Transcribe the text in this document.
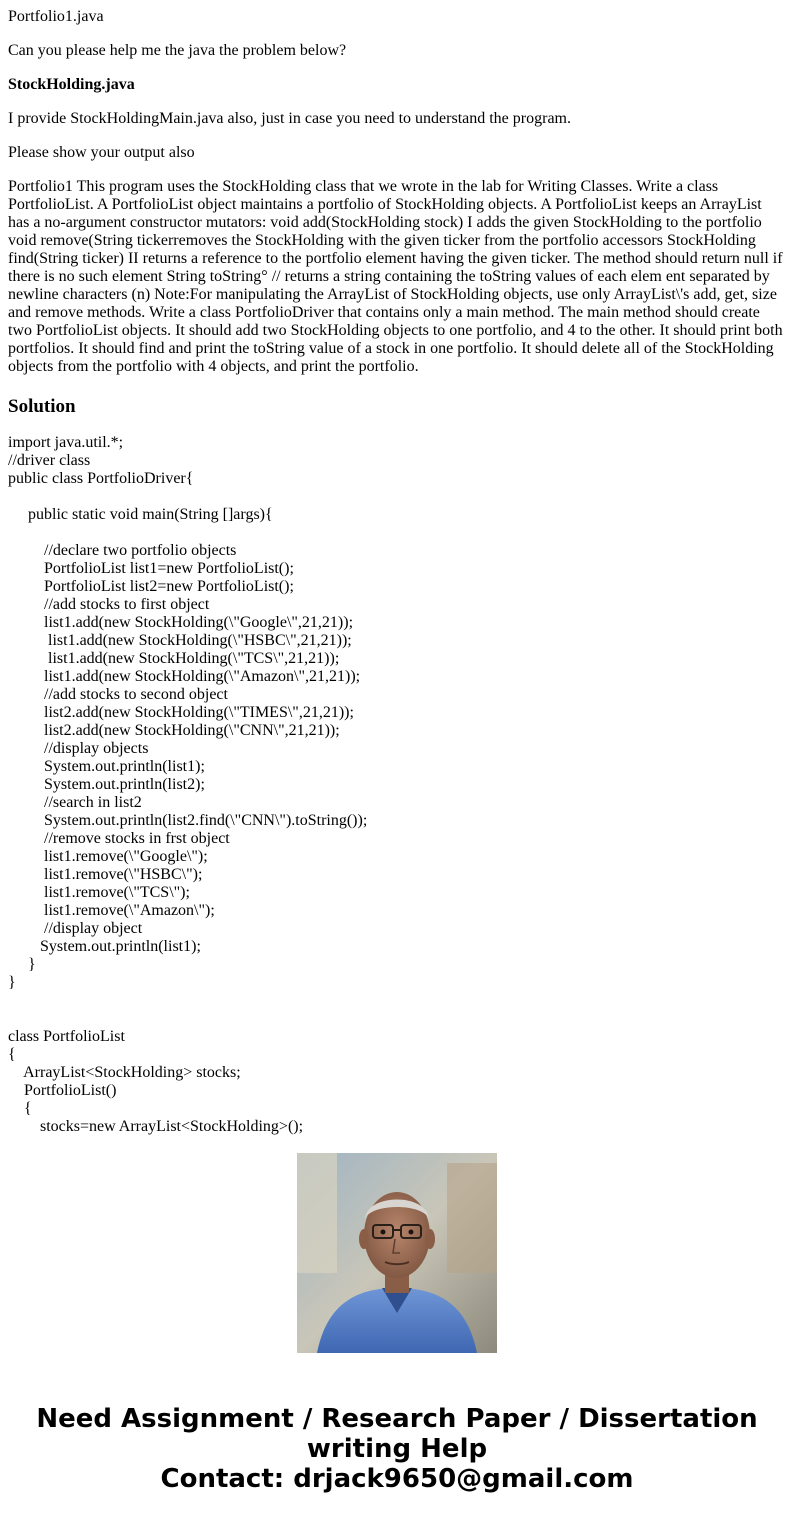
Portfolio1.java

Can you please help me the java the problem below?

StockHolding.java

I provide StockHoldingMain.java also, just in case you need to understand the program.

Please show your output also

Portfolio1 This program uses the StockHolding class that we wrote in the lab for Writing Classes. Write a class PortfolioList. A PortfolioList object maintains a portfolio of StockHolding objects. A PortfolioList keeps an ArrayList has a no-argument constructor mutators: void add(StockHolding stock) I adds the given StockHolding to the portfolio void remove(String tickerremoves the StockHolding with the given ticker from the portfolio accessors StockHolding find(String ticker) II returns a reference to the portfolio element having the given ticker. The method should return null if there is no such element String toString° // returns a string containing the toString values of each elem ent separated by newline characters (n) Note:For manipulating the ArrayList of StockHolding objects, use only ArrayList\'s add, get, size and remove methods. Write a class PortfolioDriver that contains only a main method. The main method should create two PortfolioList objects. It should add two StockHolding objects to one portfolio, and 4 to the other. It should print both portfolios. It should find and print the toString value of a stock in one portfolio. It should delete all of the StockHolding objects from the portfolio with 4 objects, and print the portfolio.

Solution
import java.util.*;
//driver class
public class PortfolioDriver{
public static void main(String []args){
//declare two portfolio objects
PortfolioList list1=new PortfolioList();
PortfolioList list2=new PortfolioList();
//add stocks to first object
list1.add(new StockHolding(\"Google\",21,21));
list1.add(new StockHolding(\"HSBC\",21,21));
list1.add(new StockHolding(\"TCS\",21,21));
list1.add(new StockHolding(\"Amazon\",21,21));
//add stocks to second object
list2.add(new StockHolding(\"TIMES\",21,21));
list2.add(new StockHolding(\"CNN\",21,21));
//display objects
System.out.println(list1);
System.out.println(list2);
//search in list2
System.out.println(list2.find(\"CNN\").toString());
//remove stocks in frst object
list1.remove(\"Google\");
list1.remove(\"HSBC\");
list1.remove(\"TCS\");
list1.remove(\"Amazon\");
//display object
System.out.println(list1);
}
}
class PortfolioList
{
ArrayList<StockHolding> stocks;
PortfolioList()
{
stocks=new ArrayList<StockHolding>();
Need Assignment / Research Paper / Dissertation
writing Help
Contact: drjack9650@gmail.com
